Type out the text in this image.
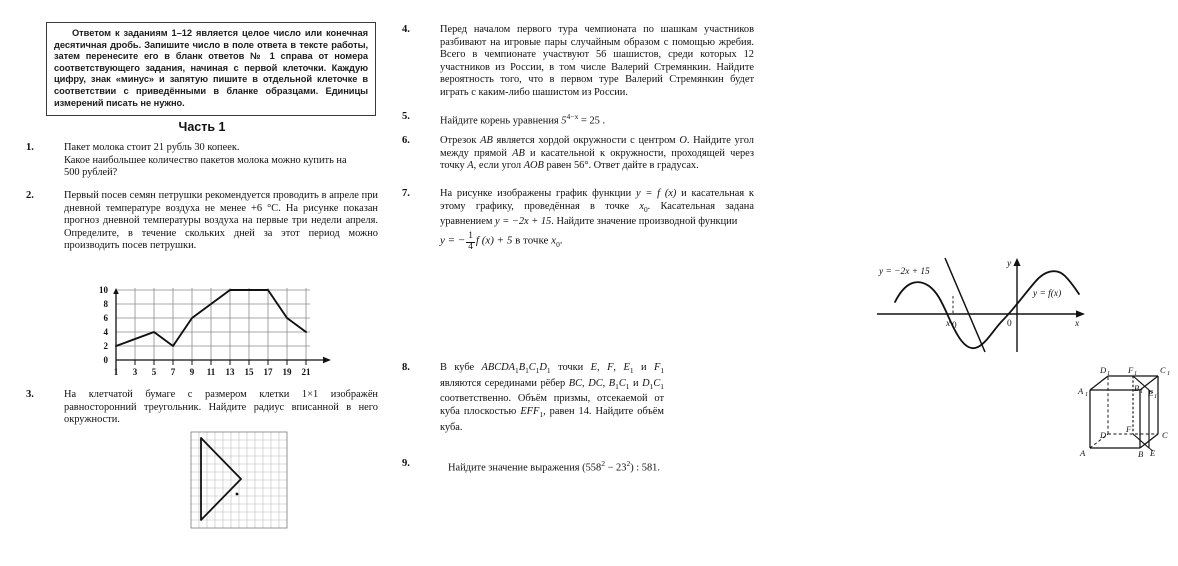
Ответом к заданиям 1–12 является целое число или конечная десятичная дробь. Запишите число в поле ответа в тексте работы, затем перенесите его в бланк ответов № 1 справа от номера соответствующего задания, начиная с первой клеточки. Каждую цифру, знак «минус» и запятую пишите в отдельной клеточке в соответствии с приведёнными в бланке образцами. Единицы измерений писать не нужно.
Часть 1
1.	Пакет молока стоит 21 рубль 30 копеек.
Какое наибольшее количество пакетов молока можно купить на
500 рублей?
2.	Первый посев семян петрушки рекомендуется проводить в апреле при дневной температуре воздуха не менее +6 °С. На рисунке показан прогноз дневной температуры воздуха на первые три недели апреля. Определите, в течение скольких дней за этот период можно производить посев петрушки.
0
2
4
6
8
10
1 3 5 7 9 11 13 15 17 19 21
3.	На клетчатой бумаге с размером клетки 1×1 изображён равносторонний треугольник. Найдите радиус вписанной в него окружности.
4.	Перед началом первого тура чемпионата по шашкам участников разбивают на игровые пары случайным образом с помощью жребия. Всего в чемпионате участвуют 56 шашистов, среди которых 12 участников из России, в том числе Валерий Стремянкин. Найдите вероятность того, что в первом туре Валерий Стремянкин будет играть с каким-либо шашистом из России.
5.	Найдите корень уравнения $5^{4-x} = 25$ .
6.	Отрезок AB является хордой окружности с центром O. Найдите угол между прямой AB и касательной к окружности, проходящей через точку A, если угол AOB равен 56°. Ответ дайте в градусах.
7.	На рисунке изображены график функции y = f (x) и касательная к этому графику, проведённая в точке $x_0$. Касательная задана уравнением y = −2x + 15. Найдите значение производной функции
y = − $\frac{1}{4}$ f (x) + 5 в точке $x_0$.
y = −2x + 15
y = f(x)
x
y
0
x 0
8.	В кубе $ABCDA_1B_1C_1D_1$ точки E, F, $E_1$ и $F_1$ являются серединами рёбер BC, DC, $B_1C_1$ и $D_1C_1$ соответственно. Объём призмы, отсекаемой от куба плоскостью $EFF_1$, равен 14. Найдите объём куба.
A	B
C
D
A 1
B 1
C 1
D 1
E
F
E 1
F 1
9.	Найдите значение выражения $(558^2 - 23^2)$ : 581.
